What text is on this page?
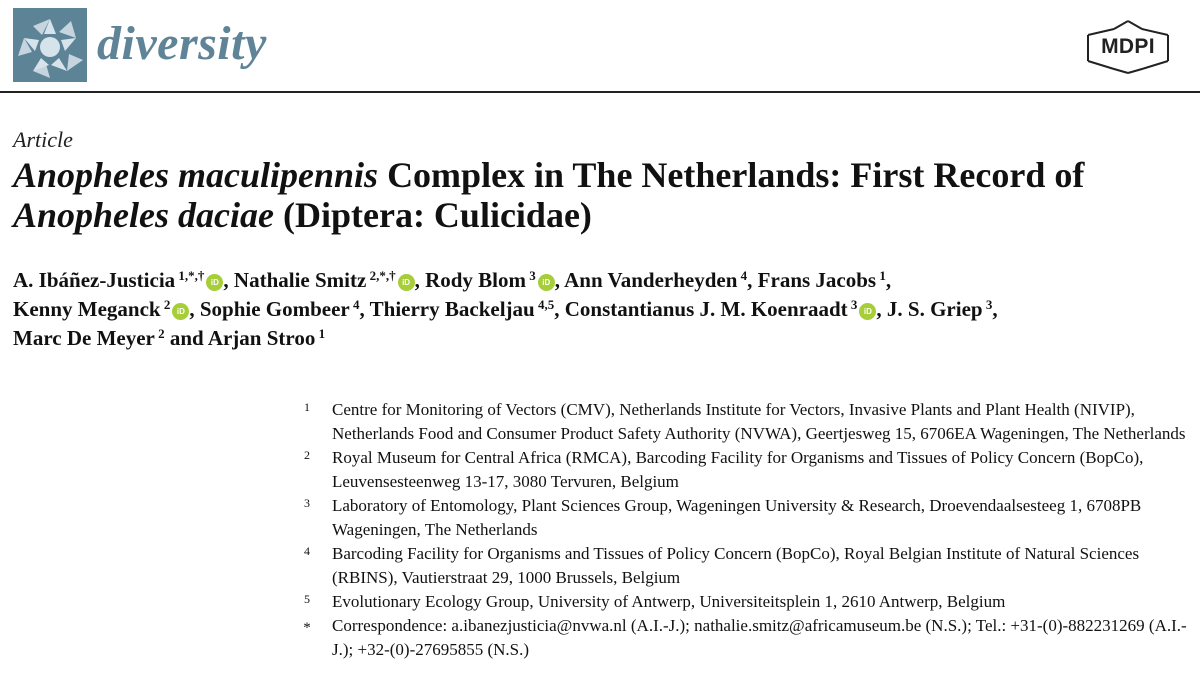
diversity	MDPI
Article
Anopheles maculipennis Complex in The Netherlands: First Record of Anopheles daciae (Diptera: Culicidae)
A. Ibáñez-Justicia $^{1,*,\dagger}$ iD , Nathalie Smitz $^{2,*,\dagger}$ iD , Rody Blom $^3$ iD , Ann Vanderheyden $^4$, Frans Jacobs $^1$,
Kenny Meganck $^2$ iD , Sophie Gombeer $^4$, Thierry Backeljau $^{4,5}$, Constantianus J. M. Koenraadt $^3$ iD , J. S. Griep $^3$,
Marc De Meyer $^2$ and Arjan Stroo $^1$
1 Centre for Monitoring of Vectors (CMV), Netherlands Institute for Vectors, Invasive Plants and Plant Health (NIVIP), Netherlands Food and Consumer Product Safety Authority (NVWA), Geertjesweg 15, 6706EA Wageningen, The Netherlands
2 Royal Museum for Central Africa (RMCA), Barcoding Facility for Organisms and Tissues of Policy Concern (BopCo), Leuvensesteenweg 13-17, 3080 Tervuren, Belgium
3 Laboratory of Entomology, Plant Sciences Group, Wageningen University & Research, Droevendaalsesteeg 1, 6708PB Wageningen, The Netherlands
4 Barcoding Facility for Organisms and Tissues of Policy Concern (BopCo), Royal Belgian Institute of Natural Sciences (RBINS), Vautierstraat 29, 1000 Brussels, Belgium
5 Evolutionary Ecology Group, University of Antwerp, Universiteitsplein 1, 2610 Antwerp, Belgium
* Correspondence: a.ibanezjusticia@nvwa.nl (A.I.-J.); nathalie.smitz@africamuseum.be (N.S.); Tel.: +31-(0)-882231269 (A.I.-J.); +32-(0)-27695855 (N.S.)
